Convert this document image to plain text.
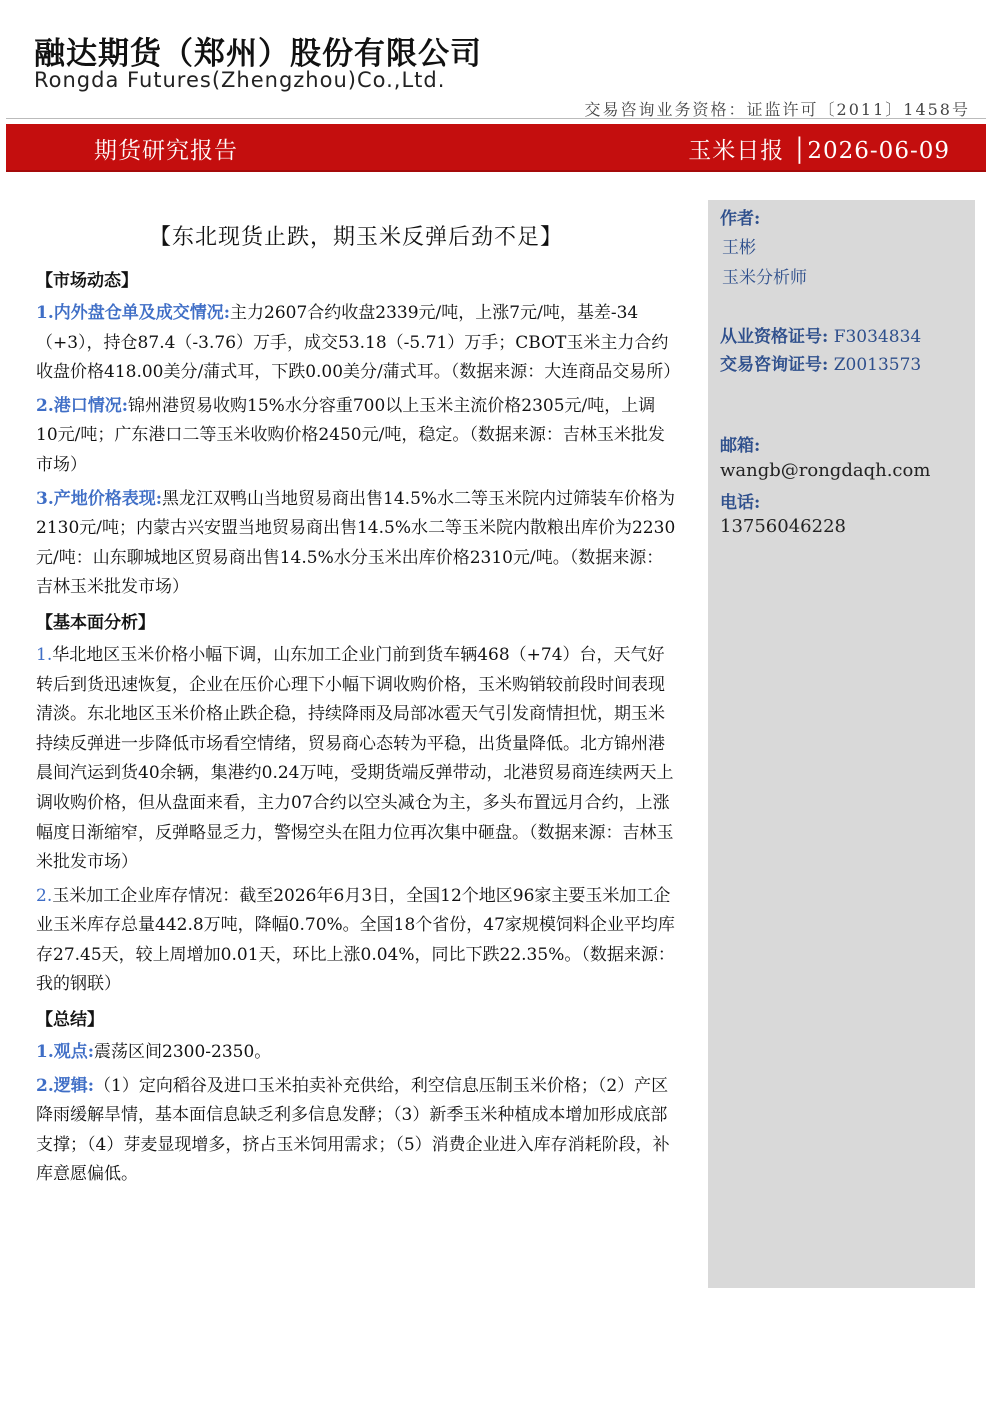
融达期货（郑州）股份有限公司
Rongda Futures(Zhengzhou)Co.,Ltd.
交易咨询业务资格：证监许可〔2011〕1458号
期货研究报告	玉米日报 │2026-06-09
作者:
王彬
玉米分析师
从业资格证号: F3034834
交易咨询证号: Z0013573
邮箱:
wangb@rongdaqh.com
电话:
13756046228
【东北现货止跌，期玉米反弹后劲不足】
【市场动态】

1.内外盘仓单及成交情况:主力2607合约收盘2339元/吨，上涨7元/吨，基差-34（+3），持仓87.4（-3.76）万手，成交53.18（-5.71）万手；CBOT玉米主力合约收盘价格418.00美分/蒲式耳，下跌0.00美分/蒲式耳。（数据来源：大连商品交易所）

2.港口情况:锦州港贸易收购15%水分容重700以上玉米主流价格2305元/吨，上调10元/吨；广东港口二等玉米收购价格2450元/吨，稳定。（数据来源：吉林玉米批发市场）

3.产地价格表现:黑龙江双鸭山当地贸易商出售14.5%水二等玉米院内过筛装车价格为2130元/吨；内蒙古兴安盟当地贸易商出售14.5%水二等玉米院内散粮出库价为2230元/吨：山东聊城地区贸易商出售14.5%水分玉米出库价格2310元/吨。（数据来源：吉林玉米批发市场）

【基本面分析】

1.华北地区玉米价格小幅下调，山东加工企业门前到货车辆468（+74）台，天气好转后到货迅速恢复，企业在压价心理下小幅下调收购价格，玉米购销较前段时间表现清淡。东北地区玉米价格止跌企稳，持续降雨及局部冰雹天气引发商情担忧，期玉米持续反弹进一步降低市场看空情绪，贸易商心态转为平稳，出货量降低。北方锦州港晨间汽运到货40余辆，集港约0.24万吨，受期货端反弹带动，北港贸易商连续两天上调收购价格，但从盘面来看，主力07合约以空头减仓为主，多头布置远月合约，上涨幅度日渐缩窄，反弹略显乏力，警惕空头在阻力位再次集中砸盘。（数据来源：吉林玉米批发市场）

2.玉米加工企业库存情况：截至2026年6月3日，全国12个地区96家主要玉米加工企业玉米库存总量442.8万吨，降幅0.70%。全国18个省份，47家规模饲料企业平均库存27.45天，较上周增加0.01天，环比上涨0.04%，同比下跌22.35%。（数据来源：我的钢联）

【总结】

1.观点:震荡区间2300-2350。

2.逻辑:（1）定向稻谷及进口玉米拍卖补充供给，利空信息压制玉米价格；（2）产区降雨缓解旱情，基本面信息缺乏利多信息发酵；（3）新季玉米种植成本增加形成底部支撑；（4）芽麦显现增多，挤占玉米饲用需求；（5）消费企业进入库存消耗阶段，补库意愿偏低。
